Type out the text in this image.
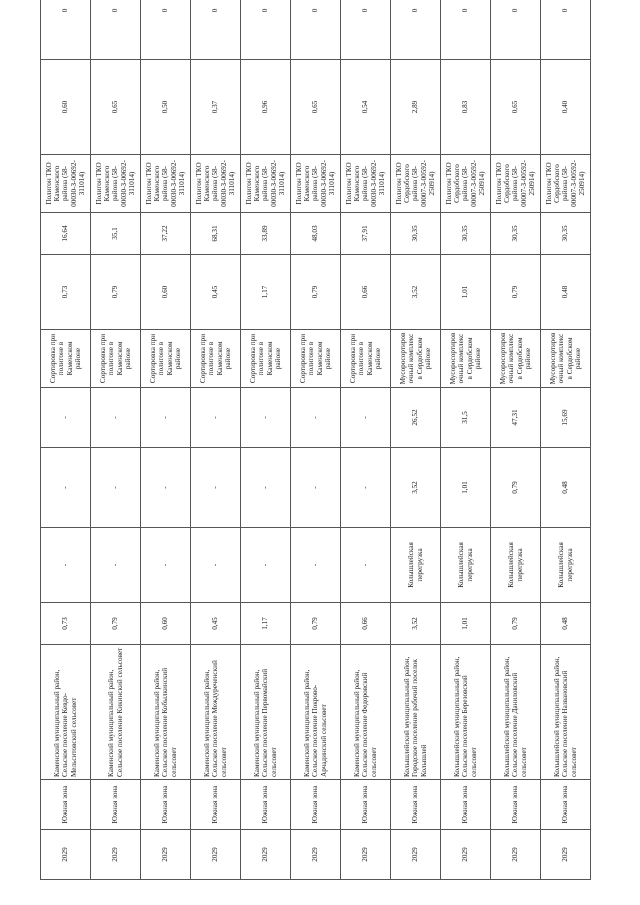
2029	Южная зона	Каменский муниципальный район, Сельское поселение Кевдо-Мельситовский сельсовет	0,73	-	-	-	Сортировка при полигоне в Каменском районе	0,73	16,64	Полигон ТКО Каменского района (58-00030-З-00692-311014)	0,60	0
2029	Южная зона	Каменский муниципальный район, Сельское поселение Кикинский сельсовет	0,79	-	-	-	Сортировка при полигоне в Каменском районе	0,79	35,1	Полигон ТКО Каменского района (58-00030-З-00692-311014)	0,65	0
2029	Южная зона	Каменский муниципальный район, Сельское поселение Кобылкинский сельсовет	0,60	-	-	-	Сортировка при полигоне в Каменском районе	0,60	37,22	Полигон ТКО Каменского района (58-00030-З-00692-311014)	0,50	0
2029	Южная зона	Каменский муниципальный район, Сельское поселение Междуреченский сельсовет	0,45	-	-	-	Сортировка при полигоне в Каменском районе	0,45	68,31	Полигон ТКО Каменского района (58-00030-З-00692-311014)	0,37	0
2029	Южная зона	Каменский муниципальный район, Сельское поселение Первомайский сельсовет	1,17	-	-	-	Сортировка при полигоне в Каменском районе	1,17	33,89	Полигон ТКО Каменского района (58-00030-З-00692-311014)	0,96	0
2029	Южная зона	Каменский муниципальный район, Сельское поселение Покрово-Арчадинский сельсовет	0,79	-	-	-	Сортировка при полигоне в Каменском районе	0,79	48,03	Полигон ТКО Каменского района (58-00030-З-00692-311014)	0,65	0
2029	Южная зона	Каменский муниципальный район, Сельское поселение Федоровский сельсовет	0,66	-	-	-	Сортировка при полигоне в Каменском районе	0,66	37,91	Полигон ТКО Каменского района (58-00030-З-00692-311014)	0,54	0
2029	Южная зона	Колышлейский муниципальный район, Городское поселение рабочий поселок Колышлей	3,52	Колышлейская перегрузка	3,52	26,52	Мусоросортировочный комплекс в Сердобском районе	3,52	30,35	Полигон ТКО Сердобского района (58-00007-З-00592-250914)	2,89	0
2029	Южная зона	Колышлейский муниципальный район, Сельское поселение Березовский сельсовет	1,01	Колышлейская перегрузка	1,01	31,5	Мусоросортировочный комплекс в Сердобском районе	1,01	30,35	Полигон ТКО Сердобского района (58-00007-З-00592-250914)	0,83	0
2029	Южная зона	Колышлейский муниципальный район, Сельское поселение Даниловский сельсовет	0,79	Колышлейская перегрузка	0,79	47,31	Мусоросортировочный комплекс в Сердобском районе	0,79	30,35	Полигон ТКО Сердобского района (58-00007-З-00592-250914)	0,65	0
2029	Южная зона	Колышлейский муниципальный район, Сельское поселение Названовский сельсовет	0,48	Колышлейская перегрузка	0,48	15,69	Мусоросортировочный комплекс в Сердобском районе	0,48	30,35	Полигон ТКО Сердобского района (58-00007-З-00592-250914)	0,40	0
